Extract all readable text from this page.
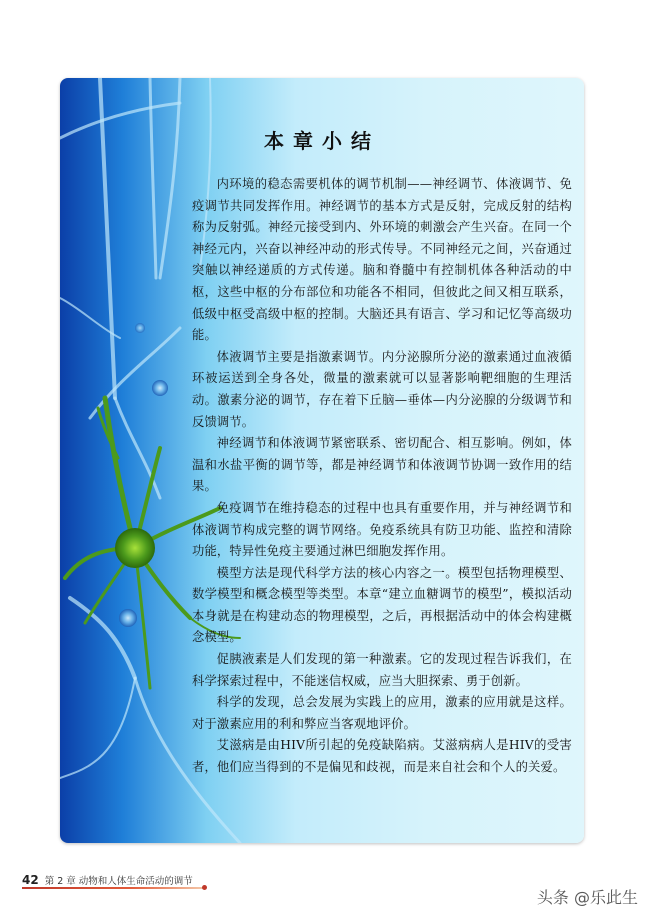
本章小结

内环境的稳态需要机体的调节机制——神经调节、体液调节、免疫调节共同发挥作用。神经调节的基本方式是反射，完成反射的结构称为反射弧。神经元接受到内、外环境的刺激会产生兴奋。在同一个神经元内，兴奋以神经冲动的形式传导。不同神经元之间，兴奋通过突触以神经递质的方式传递。脑和脊髓中有控制机体各种活动的中枢，这些中枢的分布部位和功能各不相同，但彼此之间又相互联系，低级中枢受高级中枢的控制。大脑还具有语言、学习和记忆等高级功能。

体液调节主要是指激素调节。内分泌腺所分泌的激素通过血液循环被运送到全身各处，微量的激素就可以显著影响靶细胞的生理活动。激素分泌的调节，存在着下丘脑—垂体—内分泌腺的分级调节和反馈调节。

神经调节和体液调节紧密联系、密切配合、相互影响。例如，体温和水盐平衡的调节等，都是神经调节和体液调节协调一致作用的结果。

免疫调节在维持稳态的过程中也具有重要作用，并与神经调节和体液调节构成完整的调节网络。免疫系统具有防卫功能、监控和清除功能，特异性免疫主要通过淋巴细胞发挥作用。

模型方法是现代科学方法的核心内容之一。模型包括物理模型、数学模型和概念模型等类型。本章“建立血糖调节的模型”，模拟活动本身就是在构建动态的物理模型，之后，再根据活动中的体会构建概念模型。

促胰液素是人们发现的第一种激素。它的发现过程告诉我们，在科学探索过程中，不能迷信权威，应当大胆探索、勇于创新。

科学的发现，总会发展为实践上的应用，激素的应用就是这样。对于激素应用的利和弊应当客观地评价。

艾滋病是由HIV所引起的免疫缺陷病。艾滋病病人是HIV的受害者，他们应当得到的不是偏见和歧视，而是来自社会和个人的关爱。

42 第 2 章 动物和人体生命活动的调节
头条 @乐此生
